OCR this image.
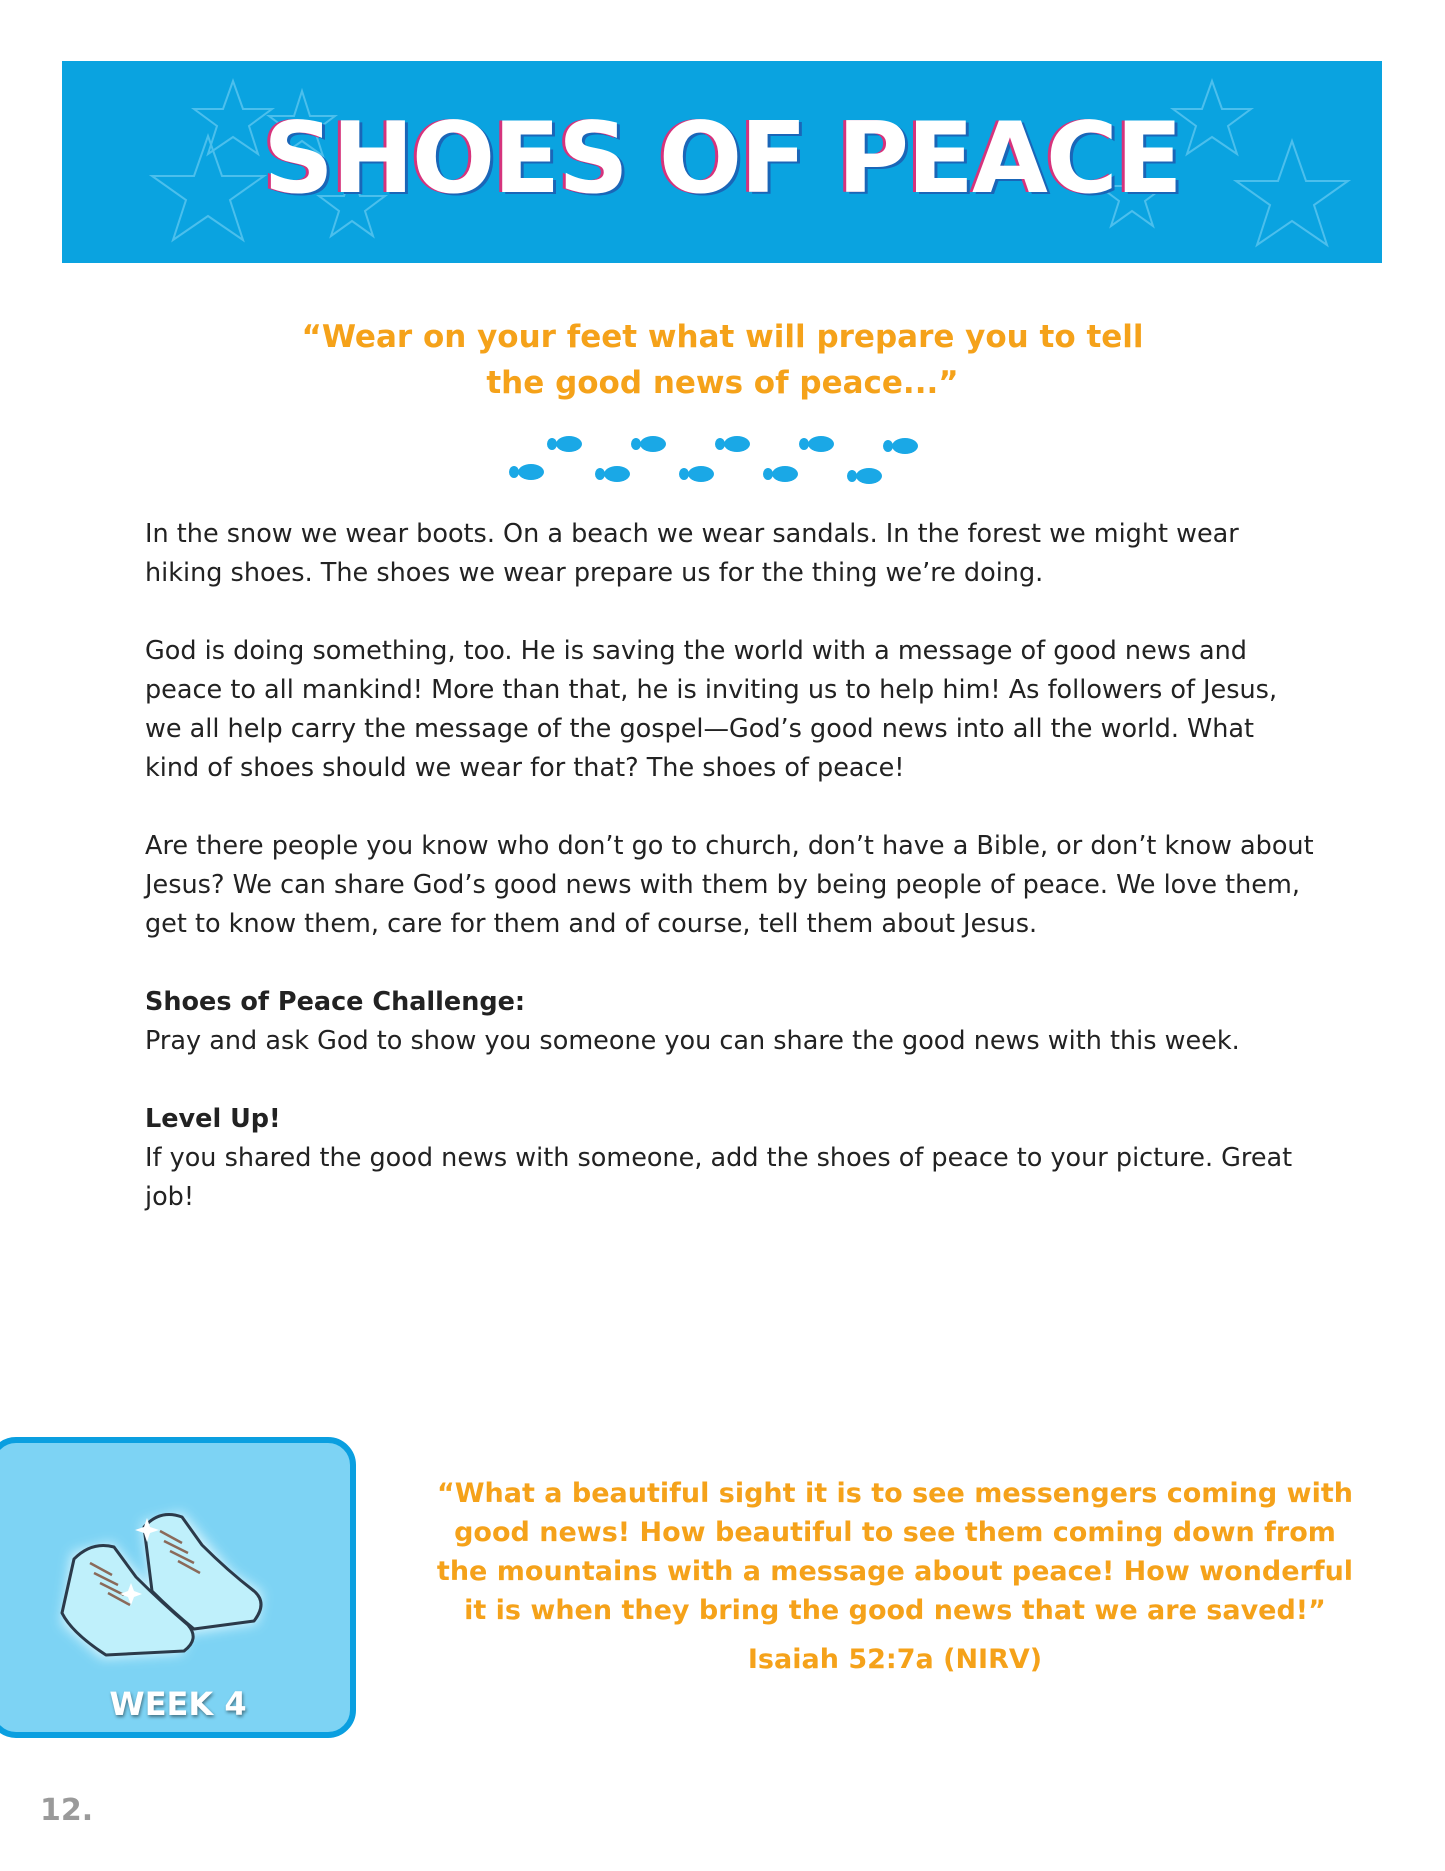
SHOES OF PEACE

“Wear on your feet what will prepare you to tell
the good news of peace...”

In the snow we wear boots. On a beach we wear sandals. In the forest we might wear hiking shoes. The shoes we wear prepare us for the thing we’re doing.

God is doing something, too. He is saving the world with a message of good news and peace to all mankind! More than that, he is inviting us to help him! As followers of Jesus, we all help carry the message of the gospel—God’s good news into all the world. What kind of shoes should we wear for that? The shoes of peace!

Are there people you know who don’t go to church, don’t have a Bible, or don’t know about Jesus? We can share God’s good news with them by being people of peace. We love them, get to know them, care for them and of course, tell them about Jesus.

Shoes of Peace Challenge:

Pray and ask God to show you someone you can share the good news with this week.

Level Up!

If you shared the good news with someone, add the shoes of peace to your picture. Great job!

WEEK 4

“What a beautiful sight it is to see messengers coming with
good news! How beautiful to see them coming down from
the mountains with a message about peace! How wonderful
it is when they bring the good news that we are saved!”

Isaiah 52:7a (NIRV)
12.
